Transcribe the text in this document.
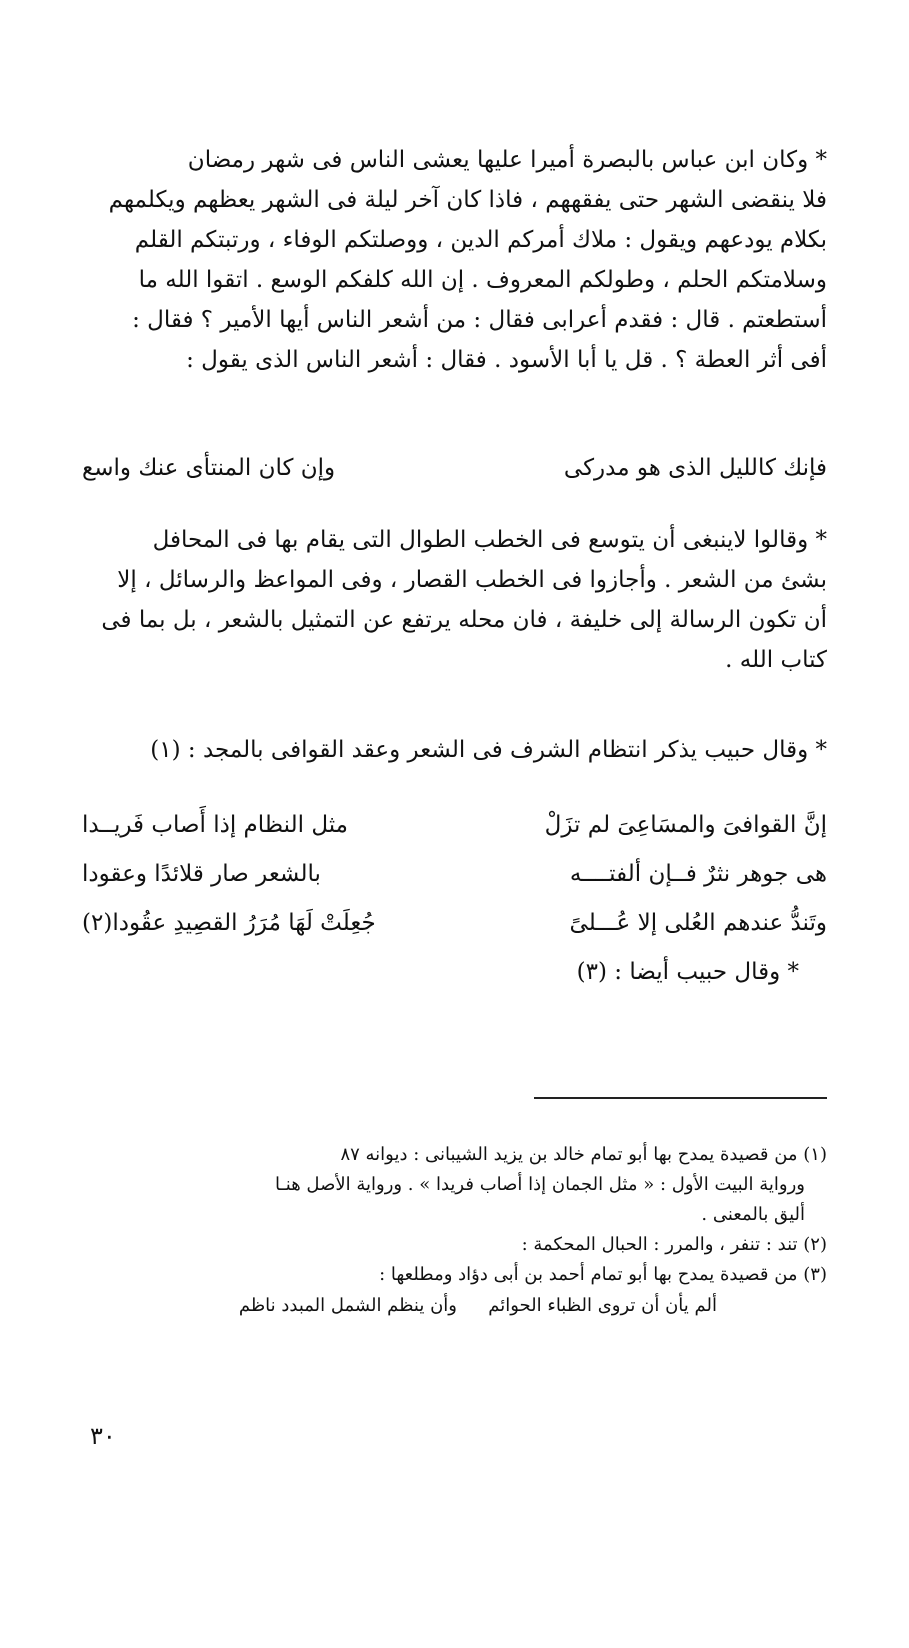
* وكان ابن عباس بالبصرة أميرا عليها يعشى الناس فى شهر رمضان

فلا ينقضى الشهر حتى يفقههم ، فاذا كان آخر ليلة فى الشهر يعظهم ويكلمهم

بكلام يودعهم ويقول : ملاك أمركم الدين ، ووصلتكم الوفاء ، ورتبتكم القلم

وسلامتكم الحلم ، وطولكم المعروف . إن الله كلفكم الوسع . اتقوا الله ما

أستطعتم . قال : فقدم أعرابى فقال : من أشعر الناس أيها الأمير ؟ فقال :

أفى أثر العطة ؟ . قل يا أبا الأسود . فقال : أشعر الناس الذى يقول :

فإنك كالليل الذى هو مدركى
وإن كان المنتأى عنك واسع

* وقالوا لاينبغى أن يتوسع فى الخطب الطوال التى يقام بها فى المحافل

بشئ من الشعر . وأجازوا فى الخطب القصار ، وفى المواعظ والرسائل ، إلا

أن تكون الرسالة إلى خليفة ، فان محله يرتفع عن التمثيل بالشعر ، بل بما فى

كتاب الله .

* وقال حبيب يذكر انتظام الشرف فى الشعر وعقد القوافى بالمجد : (١)
إنَّ القوافىَ والمسَاعِىَ لم تزَلْ
مثل النظام إذا أَصاب فَريــدا
هى جوهر نثرٌ فــإن ألفتــــه
بالشعر صار قلائدًا وعقودا
وتَندُّ عندهم العُلى إلا عُـــلىً
جُعِلَتْ لَهَا مُرَرُ القصِيدِ عقُودا(٢)
* وقال حبيب أيضا : (٣)
(١) من قصيدة يمدح بها أبو تمام خالد بن يزيد الشيبانى : ديوانه ٨٧
ورواية البيت الأول : « مثل الجمان إذا أصاب فريدا » . ورواية الأصل هنـا
أليق بالمعنى .
(٢) تند : تنفر ، والمرر : الحبال المحكمة :
(٣) من قصيدة يمدح بها أبو تمام أحمد بن أبى دؤاد ومطلعها :
ألم يأن أن تروى الظباء الحوائم
وأن ينظم الشمل المبدد ناظم
٣٠
